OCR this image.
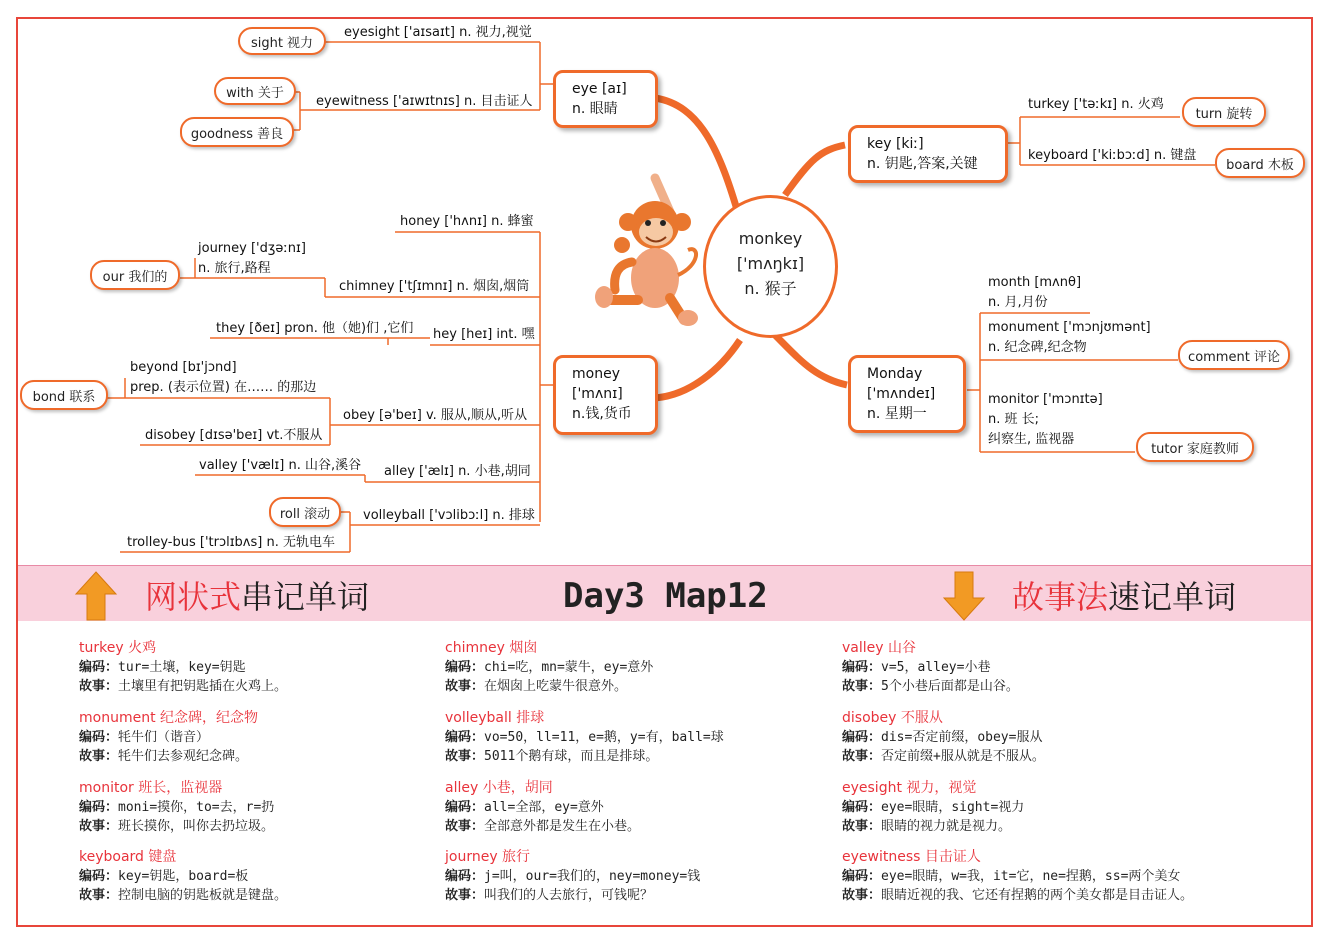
monkey
['mʌŋkɪ]
n. 猴子
eye [aɪ]
n. 眼睛
eyesight ['aɪsaɪt] n. 视力,视觉
eyewitness ['aɪwɪtnɪs] n. 目击证人
sight 视力
with 关于
goodness 善良
key [kiː]
n. 钥匙,答案,关键
turkey ['təːkɪ] n. 火鸡
keyboard ['kiːbɔːd] n. 键盘
turn 旋转
board 木板
Monday
['mʌndeɪ]
n. 星期一
month [mʌnθ]
n. 月,月份
monument ['mɔnjʊmənt]
n. 纪念碑,纪念物
monitor ['mɔnɪtə]
n. 班 长;
纠察生, 监视器
comment 评论
tutor 家庭教师
money
['mʌnɪ]
n.钱,货币
honey ['hʌnɪ] n. 蜂蜜
journey ['dʒəːnɪ]
n. 旅行,路程
chimney ['tʃɪmnɪ] n. 烟囱,烟筒
our 我们的
they [ðeɪ] pron. 他（她)们 ,它们 hey [heɪ] int. 嘿
beyond [bɪ'jɔnd]
prep. (表示位置) 在…… 的那边
bond 联系
obey [ə'beɪ] v. 服从,顺从,听从
disobey [dɪsə'beɪ] vt.不服从
valley ['vælɪ] n. 山谷,溪谷 alley ['ælɪ] n. 小巷,胡同
roll 滚动	volleyball ['vɔlibɔːl] n. 排球
trolley-bus ['trɔlɪbʌs] n. 无轨电车
网状式串记单词	Day3 Map12	故事法速记单词
turkey 火鸡
编码：tur=土壤，key=钥匙
故事：土壤里有把钥匙插在火鸡上。
monument 纪念碑，纪念物
编码：牦牛们（谐音）
故事：牦牛们去参观纪念碑。
monitor 班长，监视器
编码：moni=摸你，to=去，r=扔
故事：班长摸你，叫你去扔垃圾。
keyboard 键盘
编码：key=钥匙，board=板
故事：控制电脑的钥匙板就是键盘。
chimney 烟囱
编码：chi=吃，mn=蒙牛，ey=意外
故事：在烟囱上吃蒙牛很意外。
volleyball 排球
编码：vo=50，ll=11，e=鹅，y=有，ball=球
故事：5011个鹅有球，而且是排球。
alley 小巷，胡同
编码：all=全部，ey=意外
故事：全部意外都是发生在小巷。
journey 旅行
编码：j=叫，our=我们的，ney=money=钱
故事：叫我们的人去旅行，可钱呢？
valley 山谷
编码：v=5，alley=小巷
故事：5个小巷后面都是山谷。
disobey 不服从
编码：dis=否定前缀，obey=服从
故事：否定前缀+服从就是不服从。
eyesight 视力，视觉
编码：eye=眼睛，sight=视力
故事：眼睛的视力就是视力。
eyewitness 目击证人
编码：eye=眼睛，w=我，it=它，ne=捏鹅，ss=两个美女
故事：眼睛近视的我、它还有捏鹅的两个美女都是目击证人。
